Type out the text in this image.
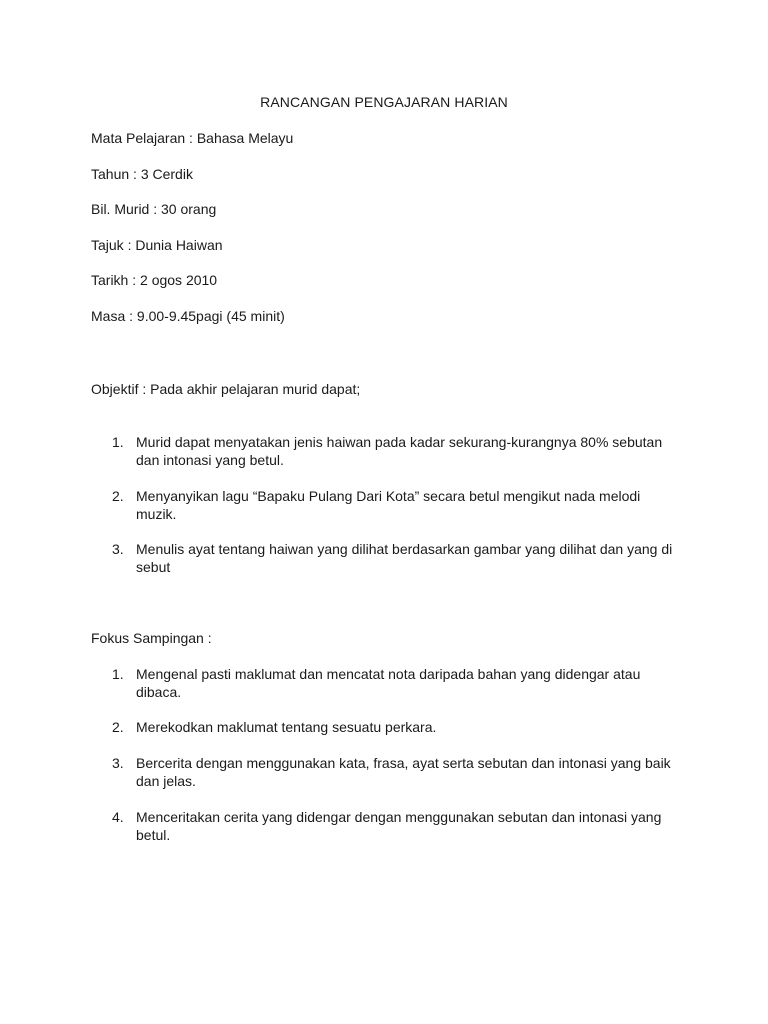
RANCANGAN PENGAJARAN HARIAN

Mata Pelajaran : Bahasa Melayu

Tahun : 3 Cerdik

Bil. Murid : 30 orang

Tajuk : Dunia Haiwan

Tarikh : 2 ogos 2010

Masa : 9.00-9.45pagi (45 minit)

Objektif : Pada akhir pelajaran murid dapat;

1. Murid dapat menyatakan jenis haiwan pada kadar sekurang-kurangnya 80% sebutan dan intonasi yang betul.
2. Menyanyikan lagu “Bapaku Pulang Dari Kota” secara betul mengikut nada melodi muzik.
3. Menulis ayat tentang haiwan yang dilihat berdasarkan gambar yang dilihat dan yang di sebut

Fokus Sampingan :

1. Mengenal pasti maklumat dan mencatat nota daripada bahan yang didengar atau dibaca.
2. Merekodkan maklumat tentang sesuatu perkara.
3. Bercerita dengan menggunakan kata, frasa, ayat serta sebutan dan intonasi yang baik dan jelas.
4. Menceritakan cerita yang didengar dengan menggunakan sebutan dan intonasi yang betul.
